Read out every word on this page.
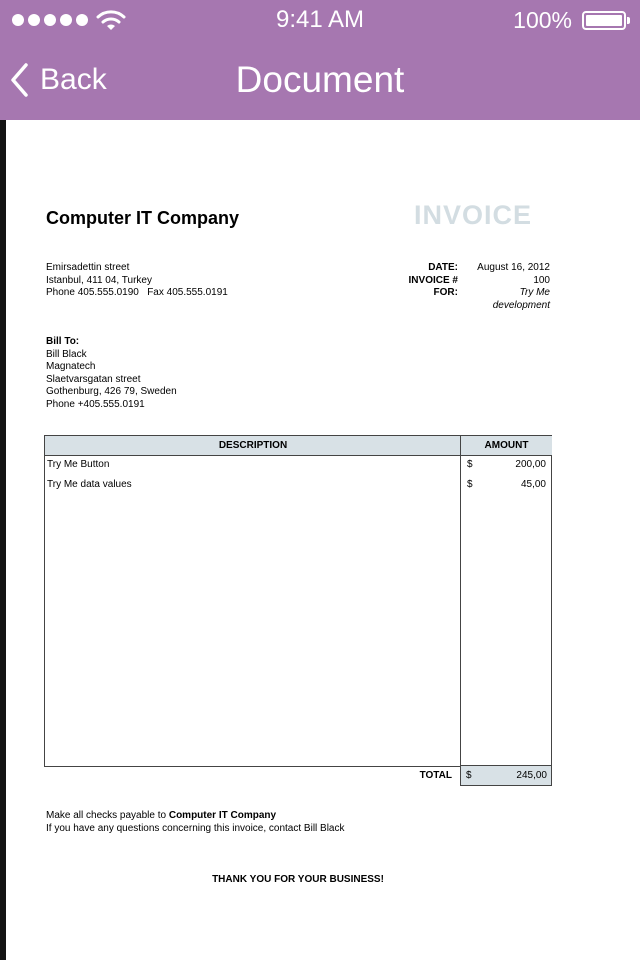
9:41 AM	100%
Back	Document
Computer IT Company	INVOICE
Emirsadettin street
Istanbul, 411 04, Turkey
Phone 405.555.0190   Fax 405.555.0191
DATE:	August 16, 2012
INVOICE #	100
FOR:	Try Me
development
Bill To:
Bill Black
Magnatech
Slaetvarsgatan street
Gothenburg, 426 79, Sweden
Phone +405.555.0191
DESCRIPTION	AMOUNT
Try Me Button	$	200,00
Try Me data values	$	45,00
TOTAL $	245,00
Make all checks payable to Computer IT Company
If you have any questions concerning this invoice, contact Bill Black
THANK YOU FOR YOUR BUSINESS!
